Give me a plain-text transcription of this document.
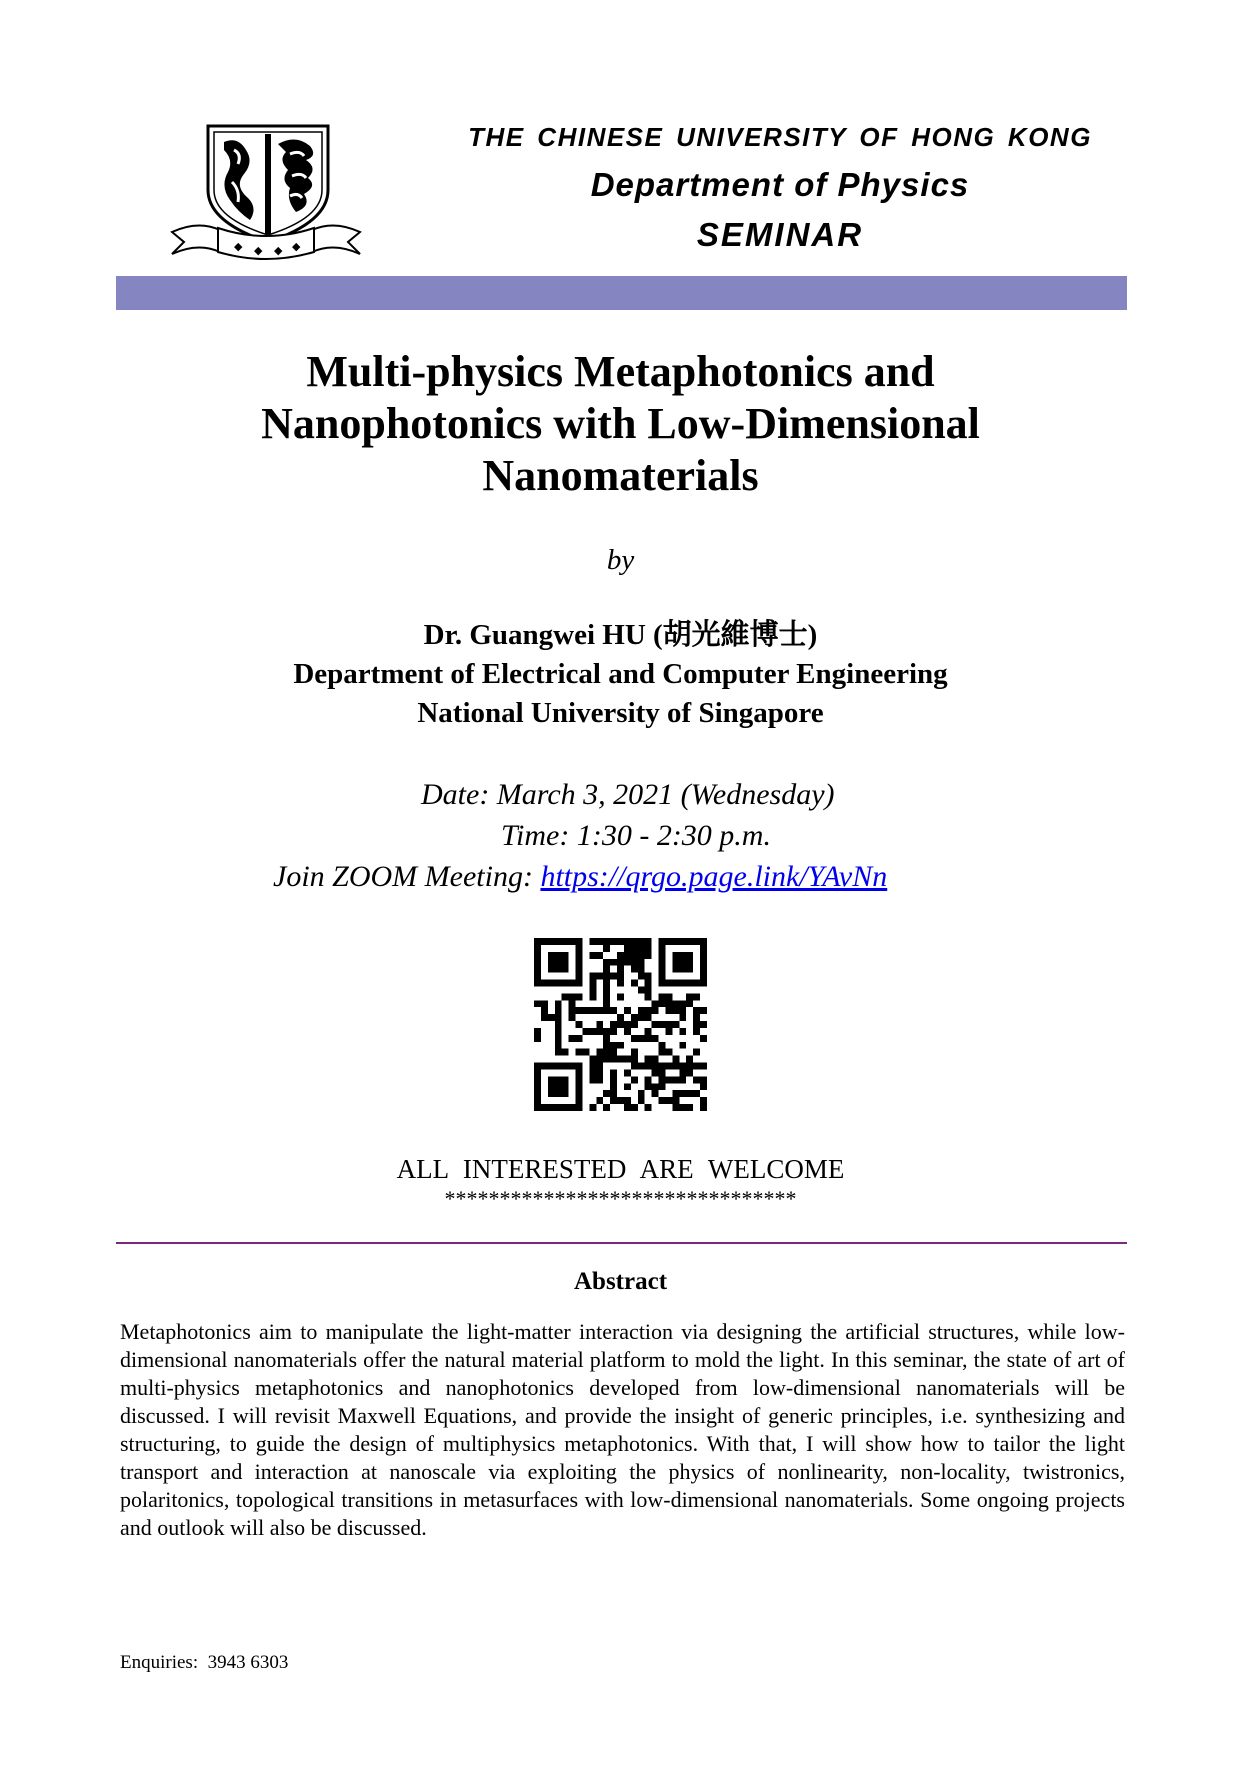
◆ ◆ ◆ ◆
THE CHINESE UNIVERSITY OF HONG KONG
Department of Physics
SEMINAR
Multi-physics Metaphotonics and
Nanophotonics with Low-Dimensional
Nanomaterials
by
Dr. Guangwei HU (胡光維博士)
Department of Electrical and Computer Engineering
National University of Singapore
Date: March 3, 2021 (Wednesday)
Time: 1:30 - 2:30 p.m.
Join ZOOM Meeting: https://qrgo.page.link/YAvNn
ALL INTERESTED ARE WELCOME
********************************
Abstract
Metaphotonics aim to manipulate the light-matter interaction via designing the artificial structures, while low-dimensional nanomaterials offer the natural material platform to mold the light. In this seminar, the state of art of multi-physics metaphotonics and nanophotonics developed from low-dimensional nanomaterials will be discussed. I will revisit Maxwell Equations, and provide the insight of generic principles, i.e. synthesizing and structuring, to guide the design of multiphysics metaphotonics. With that, I will show how to tailor the light transport and interaction at nanoscale via exploiting the physics of nonlinearity, non-locality, twistronics, polaritonics, topological transitions in metasurfaces with low-dimensional nanomaterials. Some ongoing projects and outlook will also be discussed.
Enquiries:  3943 6303
